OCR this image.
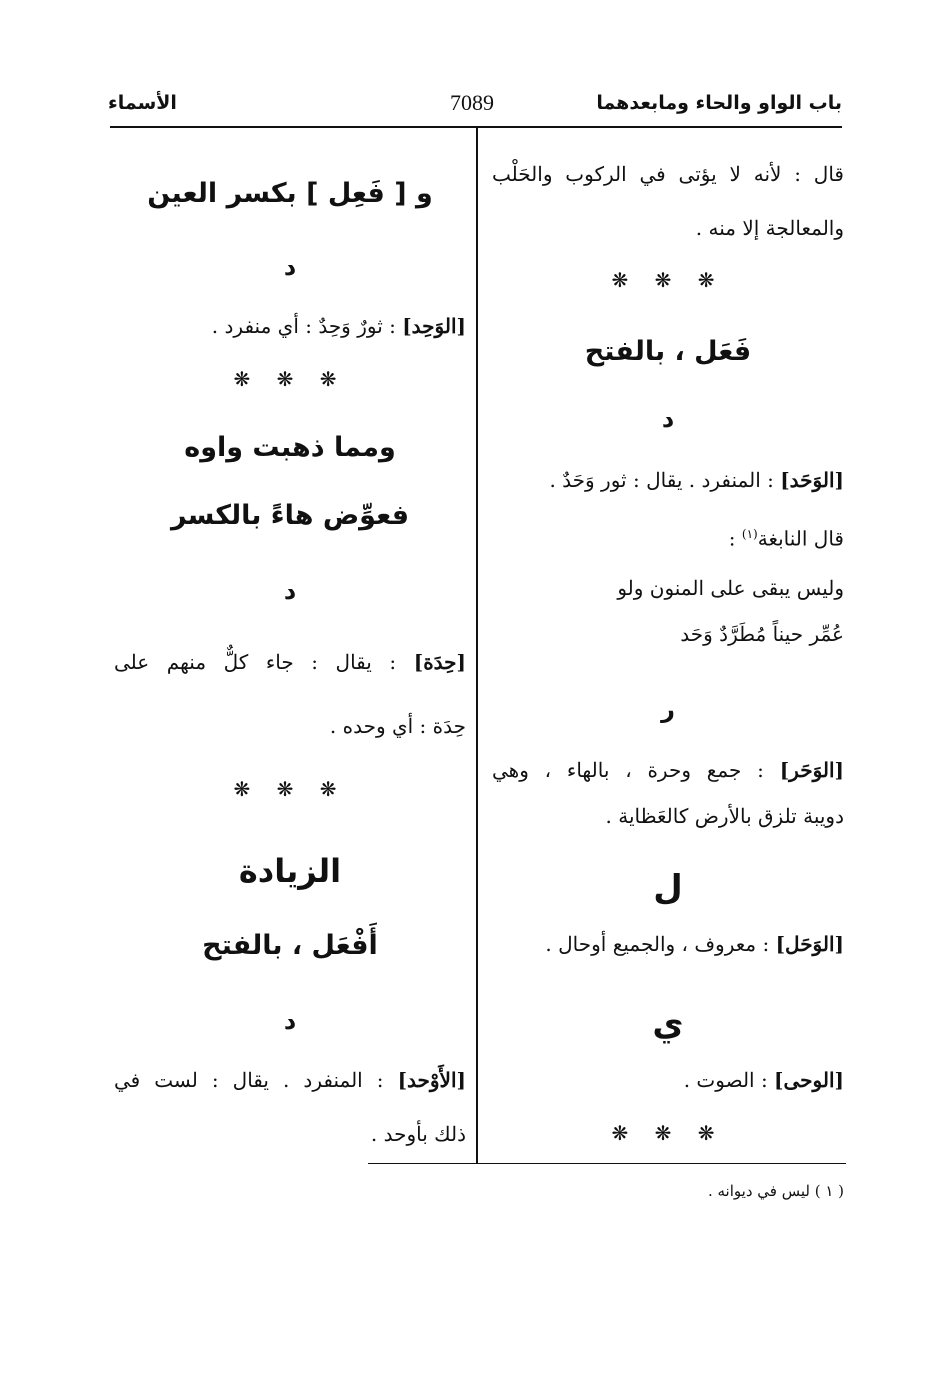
باب الواو والحاء ومابعدهما
7089
الأسماء
قال : لأنه لا يؤتى في الركوب والحَلْب
والمعالجة إلا منه .
❋ ❋ ❋
فَعَل ، بالفتح
د
[الوَحَد] : المنفرد . يقال : ثور وَحَدٌ .
قال النابغة$^{(١)}$ :
وليس يبقى على المنون ولو
عُمِّر حيناً مُطَرَّدٌ وَحَد
ر
[الوَحَر] : جمع وحرة ، بالهاء ، وهي
دويبة تلزق بالأرض كالعَظاية .
ل
[الوَحَل] : معروف ، والجميع أوحال .
ي
[الوحى] : الصوت .
❋ ❋ ❋
و [ فَعِل ] بكسر العين
د
[الوَحِد] : ثورٌ وَحِدٌ : أي منفرد .
❋ ❋ ❋
ومما ذهبت واوه
فعوِّض هاءً بالكسر
د
[حِدَة] : يقال : جاء كلٌّ منهم على
حِدَة : أي وحده .
❋ ❋ ❋
الزيادة
أَفْعَل ، بالفتح
د
[الأَوْحد] : المنفرد . يقال : لست في
ذلك بأوحد .
( ١ ) ليس في ديوانه .
